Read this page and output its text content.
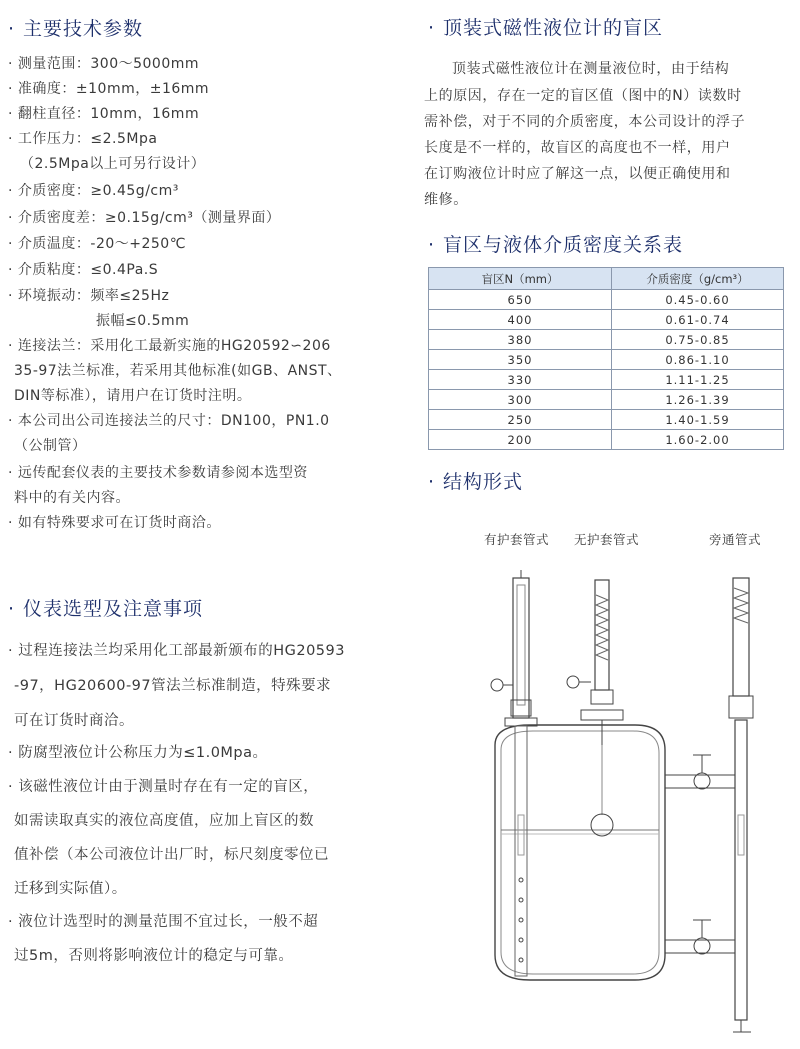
· 主要技术参数
· 测量范围：300～5000mm
· 准确度：±10mm，±16mm
· 翻柱直径：10mm，16mm
· 工作压力：≤2.5Mpa
（2.5Mpa以上可另行设计）
· 介质密度：≥0.45g/cm³
· 介质密度差：≥0.15g/cm³（测量界面）
· 介质温度：-20～+250℃
· 介质粘度：≤0.4Pa.S
· 环境振动：频率≤25Hz
振幅≤0.5mm
· 连接法兰：采用化工最新实施的HG20592∽206
35-97法兰标准，若采用其他标准(如GB、ANST、
DIN等标准），请用户在订货时注明。
· 本公司出公司连接法兰的尺寸：DN100，PN1.0
（公制管）
· 远传配套仪表的主要技术参数请参阅本选型资
料中的有关内容。
· 如有特殊要求可在订货时商洽。
· 仪表选型及注意事项
· 过程连接法兰均采用化工部最新颁布的HG20593
-97，HG20600-97管法兰标准制造，特殊要求
可在订货时商洽。
· 防腐型液位计公称压力为≤1.0Mpa。
· 该磁性液位计由于测量时存在有一定的盲区，
如需读取真实的液位高度值，应加上盲区的数
值补偿（本公司液位计出厂时，标尺刻度零位已
迁移到实际值）。
· 液位计选型时的测量范围不宜过长，一般不超
过5m，否则将影响液位计的稳定与可靠。
· 顶装式磁性液位计的盲区
顶装式磁性液位计在测量液位时，由于结构
上的原因，存在一定的盲区值（图中的N）读数时
需补偿，对于不同的介质密度，本公司设计的浮子
长度是不一样的，故盲区的高度也不一样，用户
在订购液位计时应了解这一点，以便正确使用和
维修。
· 盲区与液体介质密度关系表
盲区N（mm）	介质密度（g/cm³）
650	0.45-0.60
400	0.61-0.74
380	0.75-0.85
350	0.86-1.10
330	1.11-1.25
300	1.26-1.39
250	1.40-1.59
200	1.60-2.00
· 结构形式
有护套管式 无护套管式	旁通管式
